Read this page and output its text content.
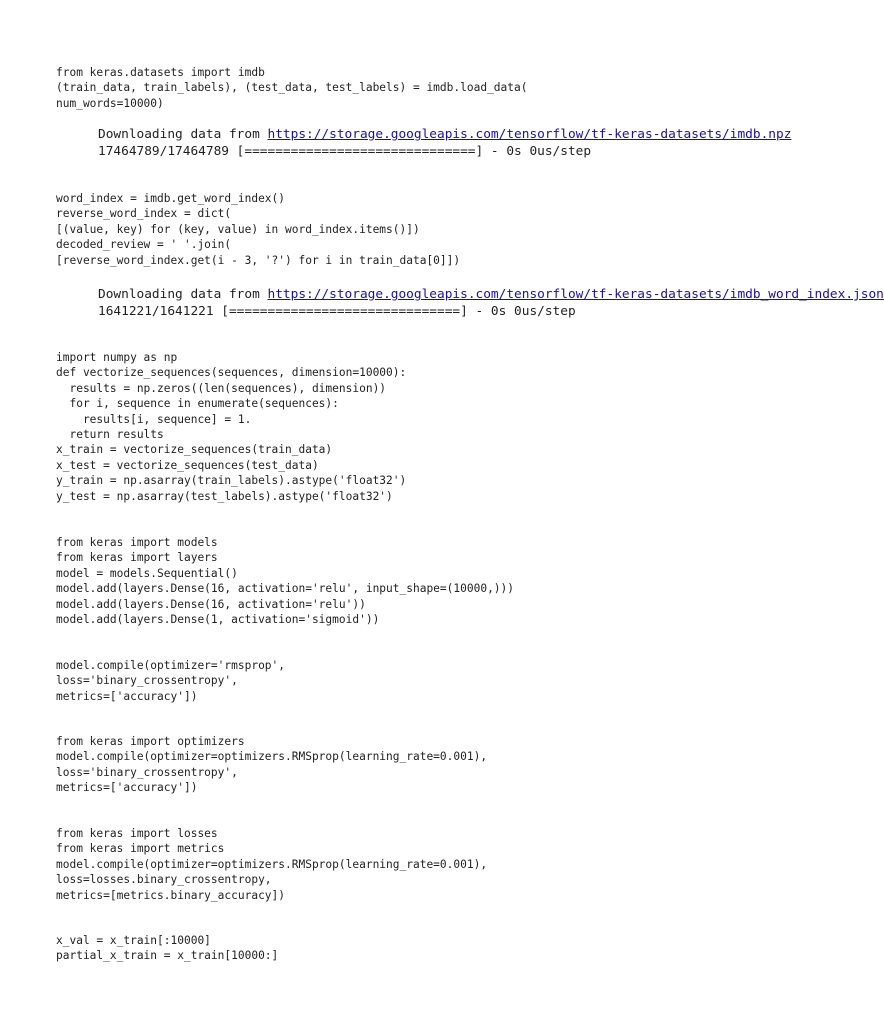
from keras.datasets import imdb
(train_data, train_labels), (test_data, test_labels) = imdb.load_data(
num_words=10000)
Downloading data from https://storage.googleapis.com/tensorflow/tf-keras-datasets/imdb.npz
17464789/17464789 [==============================] - 0s 0us/step
word_index = imdb.get_word_index()
reverse_word_index = dict(
[(value, key) for (key, value) in word_index.items()])
decoded_review = ' '.join(
[reverse_word_index.get(i - 3, '?') for i in train_data[0]])
Downloading data from https://storage.googleapis.com/tensorflow/tf-keras-datasets/imdb_word_index.json
1641221/1641221 [==============================] - 0s 0us/step
import numpy as np
def vectorize_sequences(sequences, dimension=10000):
results = np.zeros((len(sequences), dimension))
for i, sequence in enumerate(sequences):
results[i, sequence] = 1.
return results
x_train = vectorize_sequences(train_data)
x_test = vectorize_sequences(test_data)
y_train = np.asarray(train_labels).astype('float32')
y_test = np.asarray(test_labels).astype('float32')
from keras import models
from keras import layers
model = models.Sequential()
model.add(layers.Dense(16, activation='relu', input_shape=(10000,)))
model.add(layers.Dense(16, activation='relu'))
model.add(layers.Dense(1, activation='sigmoid'))
model.compile(optimizer='rmsprop',
loss='binary_crossentropy',
metrics=['accuracy'])
from keras import optimizers
model.compile(optimizer=optimizers.RMSprop(learning_rate=0.001),
loss='binary_crossentropy',
metrics=['accuracy'])
from keras import losses
from keras import metrics
model.compile(optimizer=optimizers.RMSprop(learning_rate=0.001),
loss=losses.binary_crossentropy,
metrics=[metrics.binary_accuracy])
x_val = x_train[:10000]
partial_x_train = x_train[10000:]
